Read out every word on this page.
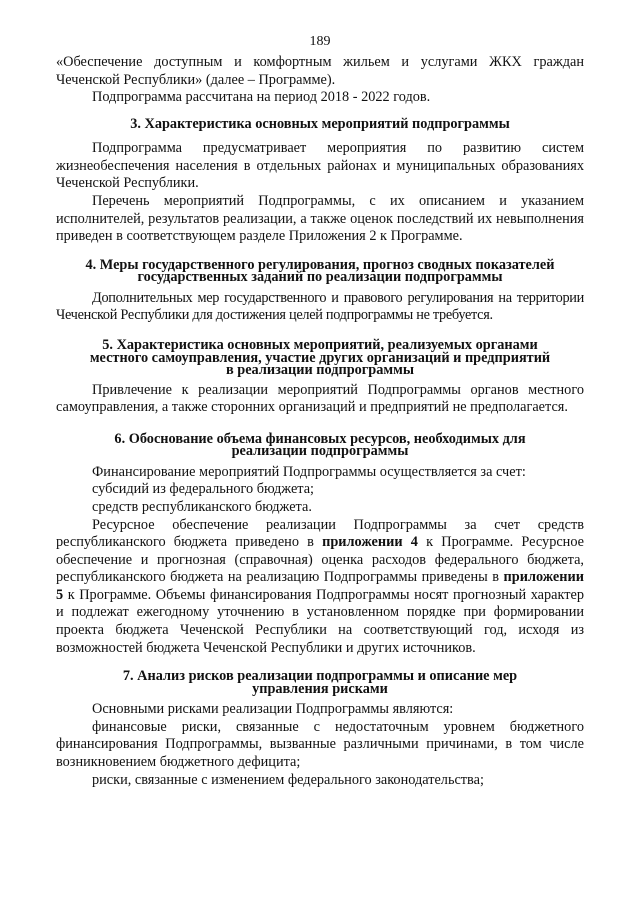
189

«Обеспечение доступным и комфортным жильем и услугами ЖКХ граждан Чеченской Республики» (далее – Программе).

Подпрограмма рассчитана на период 2018 - 2022 годов.

3. Характеристика основных мероприятий подпрограммы

Подпрограмма предусматривает мероприятия по развитию систем жизнеобеспечения населения в отдельных районах и муниципальных образованиях Чеченской Республики.

Перечень мероприятий Подпрограммы, с их описанием и указанием исполнителей, результатов реализации, а также оценок последствий их невыполнения приведен в соответствующем разделе Приложения 2 к Программе.

4. Меры государственного регулирования, прогноз сводных показателей
государственных заданий по реализации подпрограммы

Дополнительных мер государственного и правового регулирования на территории Чеченской Республики для достижения целей подпрограммы не требуется.

5. Характеристика основных мероприятий, реализуемых органами
местного самоуправления, участие других организаций и предприятий
в реализации подпрограммы

Привлечение к реализации мероприятий Подпрограммы органов местного самоуправления, а также сторонних организаций и предприятий не предполагается.

6. Обоснование объема финансовых ресурсов, необходимых для
реализации подпрограммы

Финансирование мероприятий Подпрограммы осуществляется за счет:

субсидий из федерального бюджета;

средств республиканского бюджета.

Ресурсное обеспечение реализации Подпрограммы за счет средств республиканского бюджета приведено в приложении 4 к Программе. Ресурсное обеспечение и прогнозная (справочная) оценка расходов федерального бюджета, республиканского бюджета на реализацию Подпрограммы приведены в приложении 5 к Программе. Объемы финансирования Подпрограммы носят прогнозный характер и подлежат ежегодному уточнению в установленном порядке при формировании проекта бюджета Чеченской Республики на соответствующий год, исходя из возможностей бюджета Чеченской Республики и других источников.

7. Анализ рисков реализации подпрограммы и описание мер
управления рисками

Основными рисками реализации Подпрограммы являются:

финансовые риски, связанные с недостаточным уровнем бюджетного финансирования Подпрограммы, вызванные различными причинами, в том числе возникновением бюджетного дефицита;

риски, связанные с изменением федерального законодательства;
